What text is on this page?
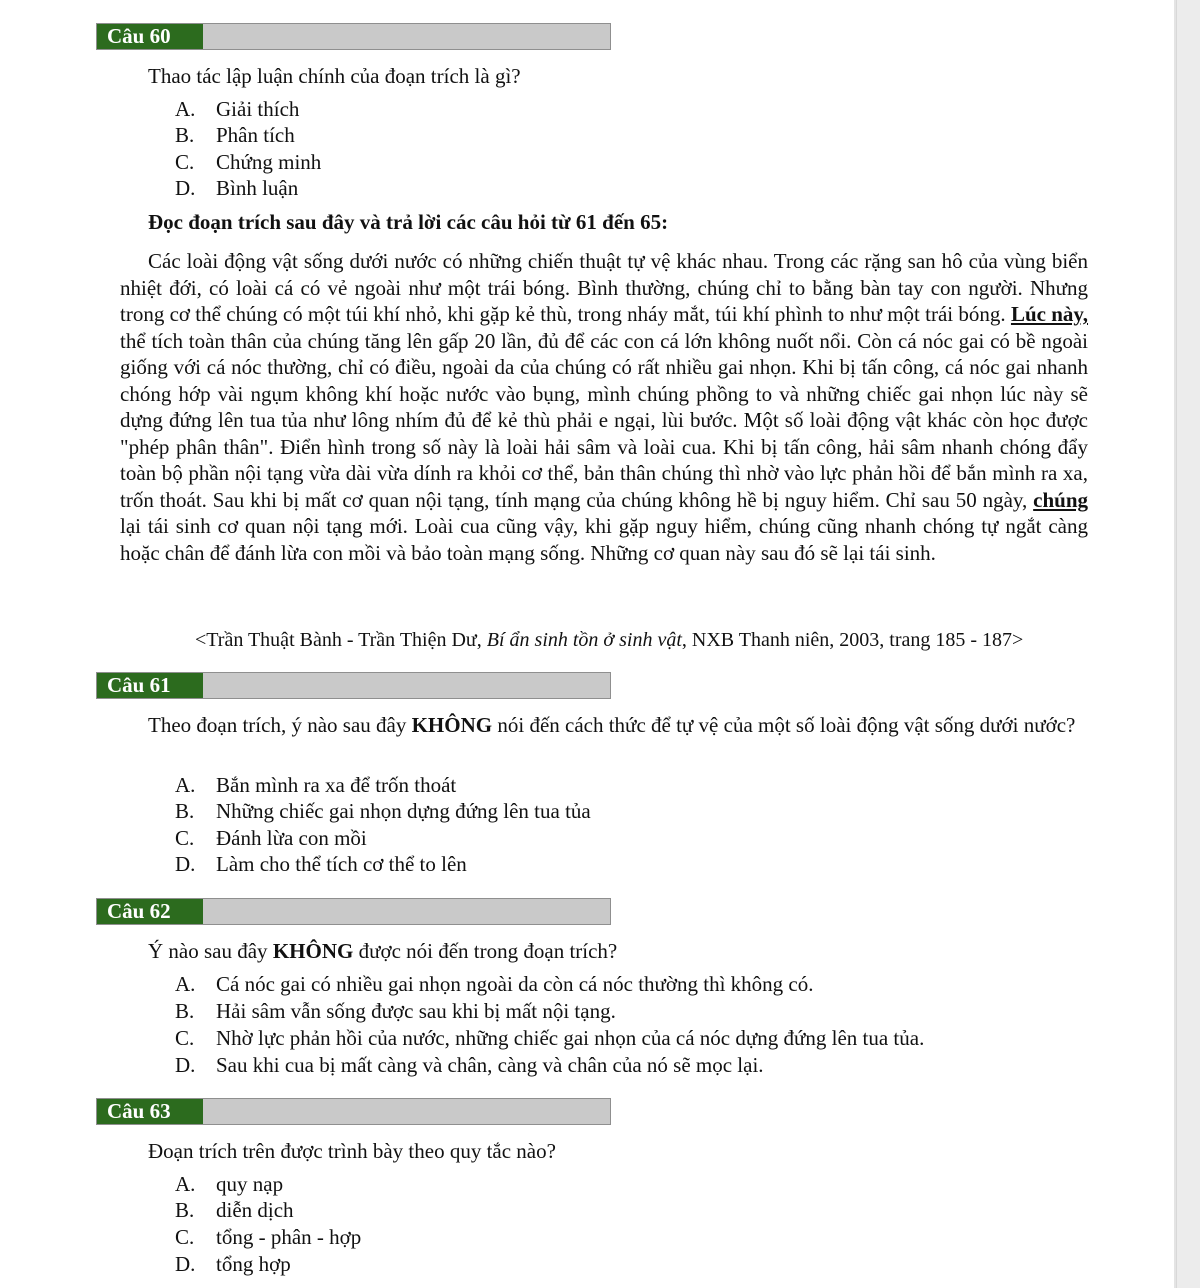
Câu 60
Thao tác lập luận chính của đoạn trích là gì?
A. Giải thích
B. Phân tích
C. Chứng minh
D. Bình luận
Đọc đoạn trích sau đây và trả lời các câu hỏi từ 61 đến 65:

Các loài động vật sống dưới nước có những chiến thuật tự vệ khác nhau. Trong các rặng san hô của vùng biển nhiệt đới, có loài cá có vẻ ngoài như một trái bóng. Bình thường, chúng chỉ to bằng bàn tay con người. Nhưng trong cơ thể chúng có một túi khí nhỏ, khi gặp kẻ thù, trong nháy mắt, túi khí phình to như một trái bóng. Lúc này, thể tích toàn thân của chúng tăng lên gấp 20 lần, đủ để các con cá lớn không nuốt nổi. Còn cá nóc gai có bề ngoài giống với cá nóc thường, chỉ có điều, ngoài da của chúng có rất nhiều gai nhọn. Khi bị tấn công, cá nóc gai nhanh chóng hớp vài ngụm không khí hoặc nước vào bụng, mình chúng phồng to và những chiếc gai nhọn lúc này sẽ dựng đứng lên tua tủa như lông nhím đủ để kẻ thù phải e ngại, lùi bước. Một số loài động vật khác còn học được "phép phân thân". Điển hình trong số này là loài hải sâm và loài cua. Khi bị tấn công, hải sâm nhanh chóng đẩy toàn bộ phần nội tạng vừa dài vừa dính ra khỏi cơ thể, bản thân chúng thì nhờ vào lực phản hồi để bắn mình ra xa, trốn thoát. Sau khi bị mất cơ quan nội tạng, tính mạng của chúng không hề bị nguy hiểm. Chỉ sau 50 ngày, chúng lại tái sinh cơ quan nội tạng mới. Loài cua cũng vậy, khi gặp nguy hiểm, chúng cũng nhanh chóng tự ngắt càng hoặc chân để đánh lừa con mồi và bảo toàn mạng sống. Những cơ quan này sau đó sẽ lại tái sinh.

<Trần Thuật Bành - Trần Thiện Dư, Bí ẩn sinh tồn ở sinh vật, NXB Thanh niên, 2003, trang 185 - 187>
Câu 61
Theo đoạn trích, ý nào sau đây KHÔNG nói đến cách thức để tự vệ của một số loài động vật sống dưới nước?
A. Bắn mình ra xa để trốn thoát
B. Những chiếc gai nhọn dựng đứng lên tua tủa
C. Đánh lừa con mồi
D. Làm cho thể tích cơ thể to lên
Câu 62
Ý nào sau đây KHÔNG được nói đến trong đoạn trích?
A. Cá nóc gai có nhiều gai nhọn ngoài da còn cá nóc thường thì không có.
B. Hải sâm vẫn sống được sau khi bị mất nội tạng.
C. Nhờ lực phản hồi của nước, những chiếc gai nhọn của cá nóc dựng đứng lên tua tủa.
D. Sau khi cua bị mất càng và chân, càng và chân của nó sẽ mọc lại.
Câu 63
Đoạn trích trên được trình bày theo quy tắc nào?
A. quy nạp
B. diễn dịch
C. tổng - phân - hợp
D. tổng hợp
